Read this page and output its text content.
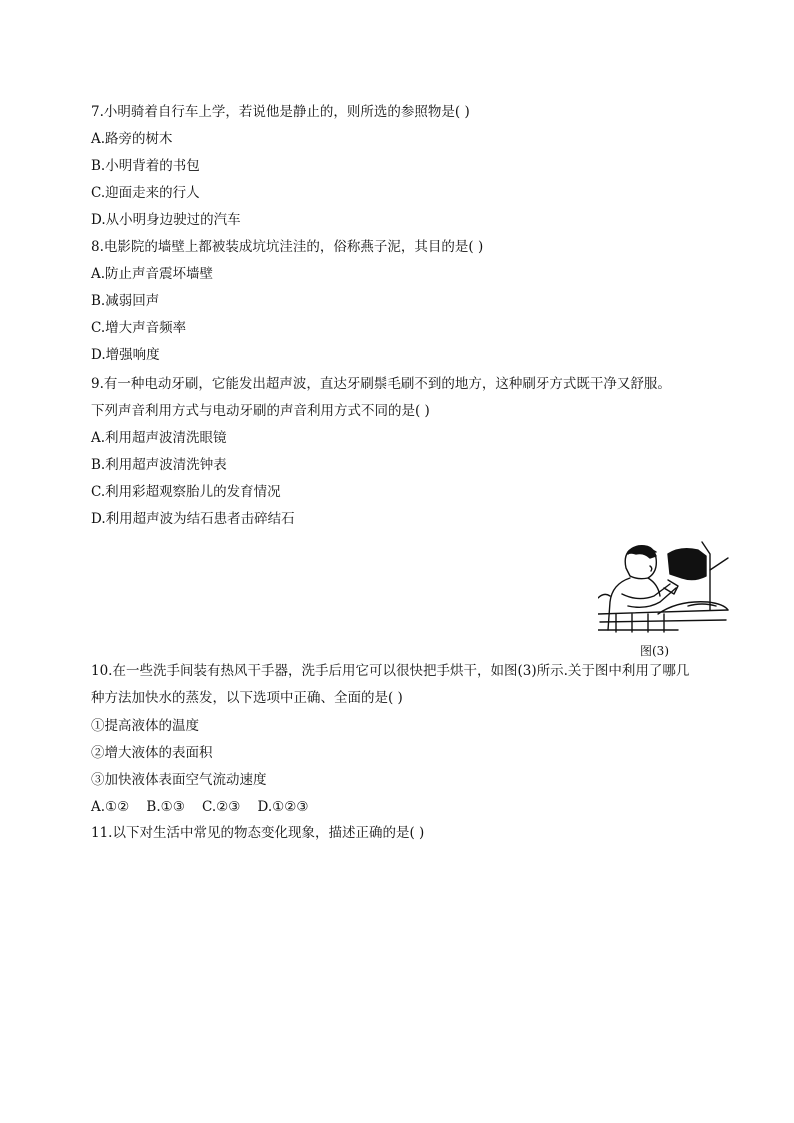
7.小明骑着自行车上学，若说他是静止的，则所选的参照物是( )
A.路旁的树木
B.小明背着的书包
C.迎面走来的行人
D.从小明身边驶过的汽车
8.电影院的墙壁上都被装成坑坑洼洼的，俗称燕子泥，其目的是( )
A.防止声音震坏墙壁
B.减弱回声
C.增大声音频率
D.增强响度
9.有一种电动牙刷，它能发出超声波，直达牙刷鬃毛刷不到的地方，这种刷牙方式既干净又舒服。
下列声音利用方式与电动牙刷的声音利用方式不同的是( )
A.利用超声波清洗眼镜
B.利用超声波清洗钟表
C.利用彩超观察胎儿的发育情况
D.利用超声波为结石患者击碎结石
图(3)
10.在一些洗手间装有热风干手器，洗手后用它可以很快把手烘干，如图(3)所示.关于图中利用了哪几
种方法加快水的蒸发，以下选项中正确、全面的是( )
①提高液体的温度
②增大液体的表面积
③加快液体表面空气流动速度
A.①②    B.①③    C.②③    D.①②③
11.以下对生活中常见的物态变化现象，描述正确的是( )
